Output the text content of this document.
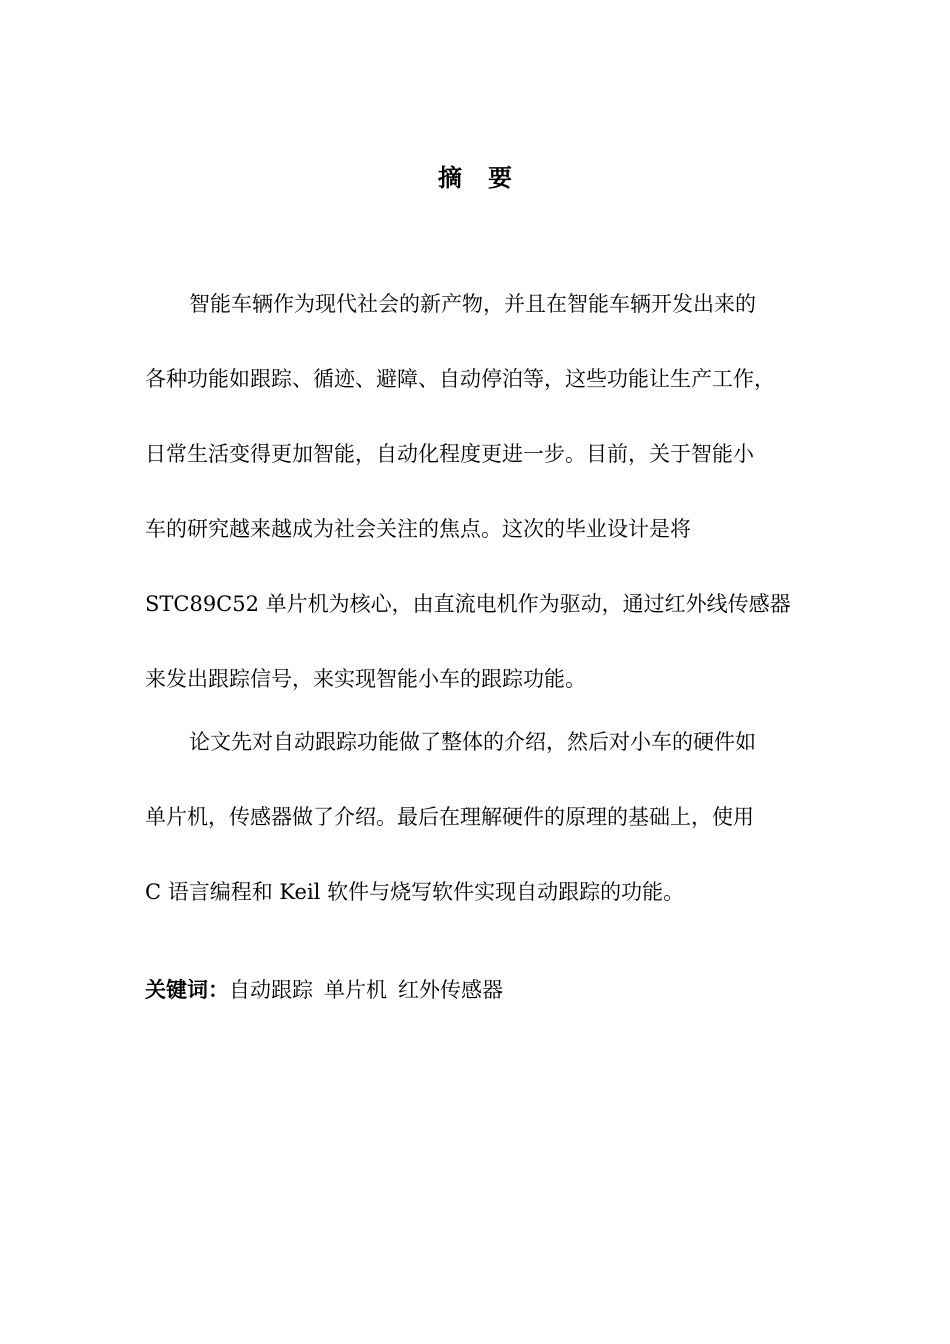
摘要
智能车辆作为现代社会的新产物，并且在智能车辆开发出来的
各种功能如跟踪、循迹、避障、自动停泊等，这些功能让生产工作，
日常生活变得更加智能，自动化程度更进一步。目前，关于智能小
车的研究越来越成为社会关注的焦点。这次的毕业设计是将
STC89C52 单片机为核心，由直流电机作为驱动，通过红外线传感器
来发出跟踪信号，来实现智能小车的跟踪功能。
论文先对自动跟踪功能做了整体的介绍，然后对小车的硬件如
单片机，传感器做了介绍。最后在理解硬件的原理的基础上，使用
C 语言编程和 Keil 软件与烧写软件实现自动跟踪的功能。
关键词：自动跟踪 单片机 红外传感器
